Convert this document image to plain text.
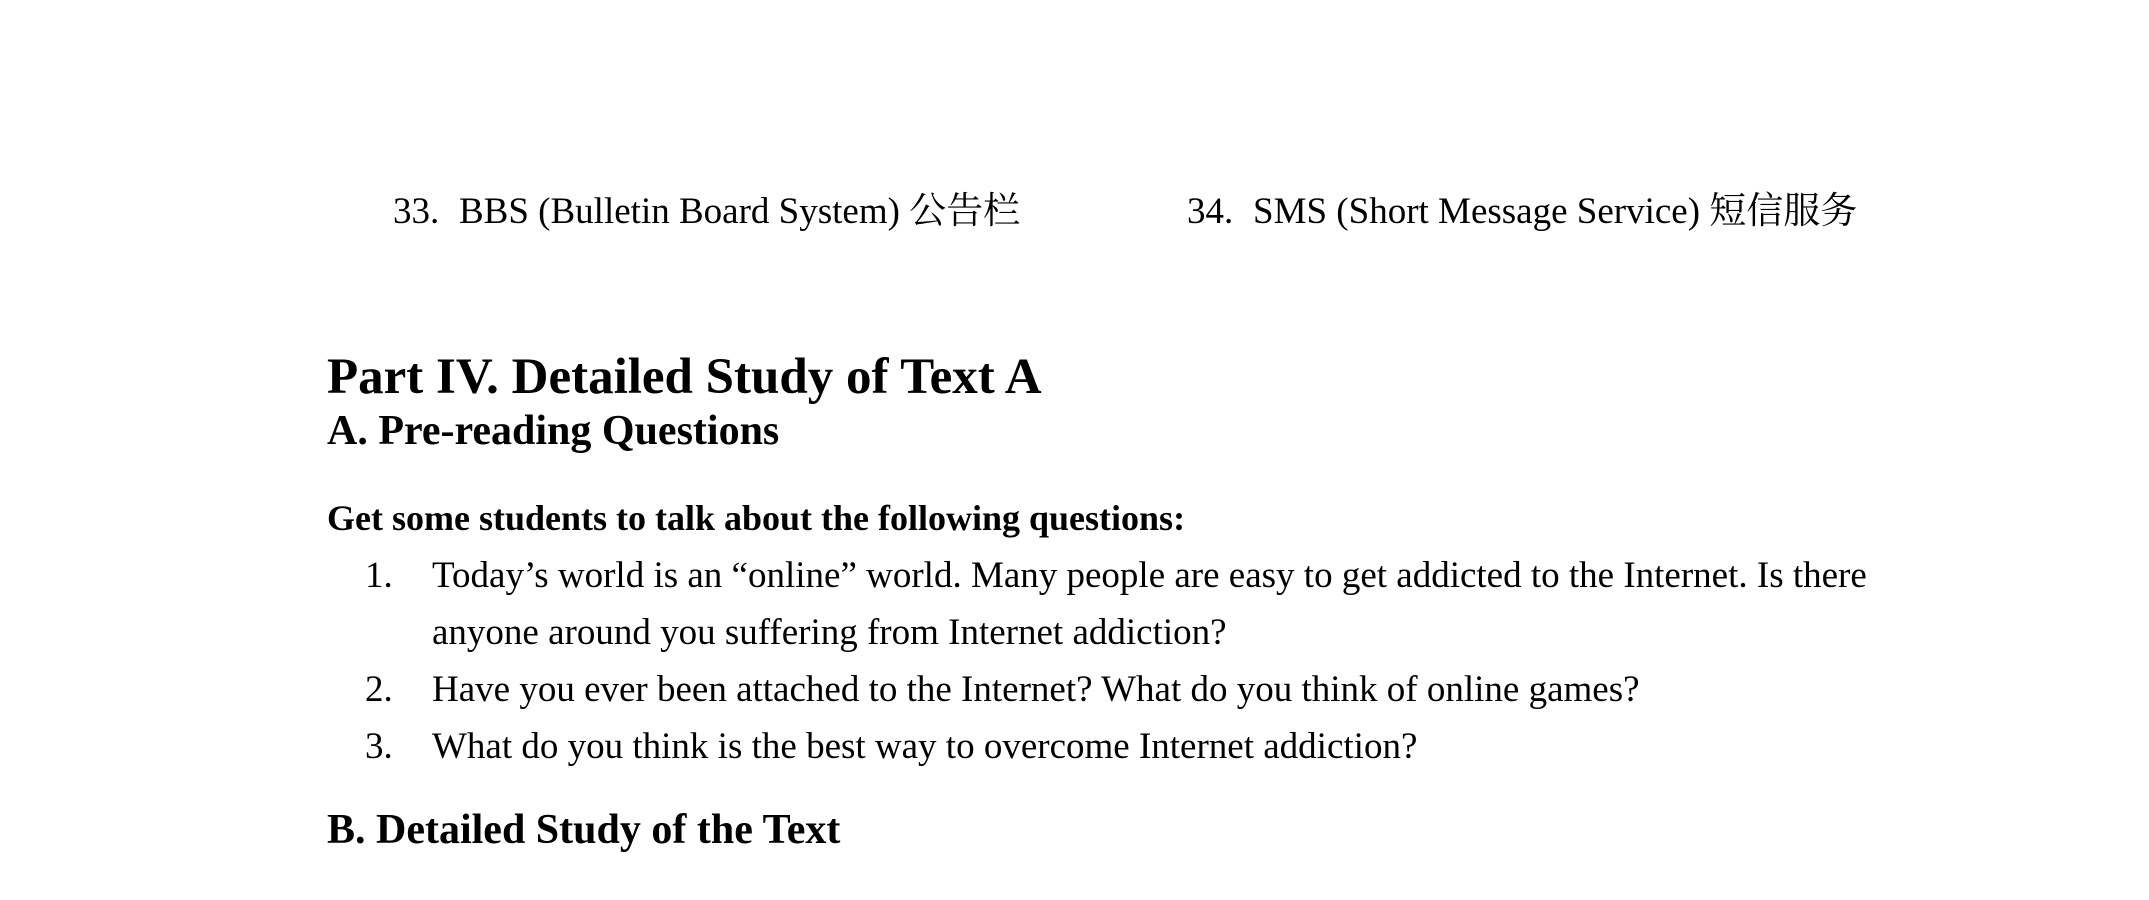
33. BBS (Bulletin Board System) 公告栏	34. SMS (Short Message Service) 短信服务
Part IV. Detailed Study of Text A
A. Pre-reading Questions
Get some students to talk about the following questions:
1. Today’s world is an “online” world. Many people are easy to get addicted to the Internet. Is there anyone around you suffering from Internet addiction?
2. Have you ever been attached to the Internet? What do you think of online games?
3. What do you think is the best way to overcome Internet addiction?
B. Detailed Study of the Text
